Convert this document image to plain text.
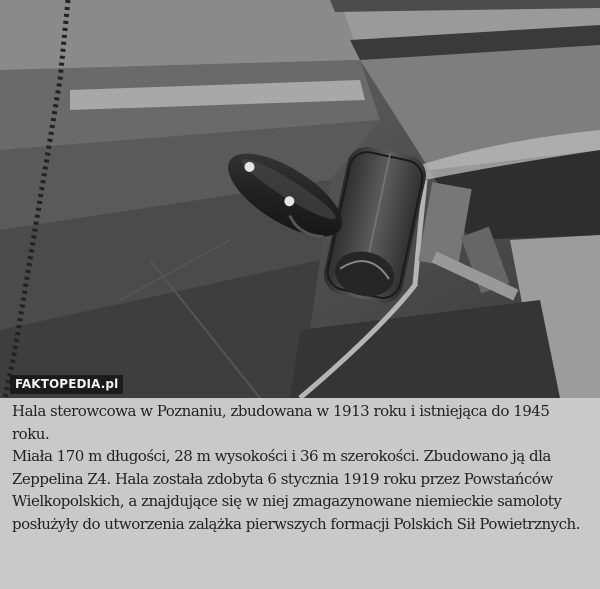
FAKTOPEDIA.pl

Hala sterowcowa w Poznaniu, zbudowana w 1913 roku i istniejąca do 1945 roku.

Miała 170 m długości, 28 m wysokości i 36 m szerokości. Zbudowano ją dla Zeppelina Z4. Hala została zdobyta 6 stycznia 1919 roku przez Powstańców Wielkopolskich, a znajdujące się w niej zmagazynowane niemieckie samoloty posłużyły do utworzenia zalążka pierwszych formacji Polskich Sił Powietrznych.
